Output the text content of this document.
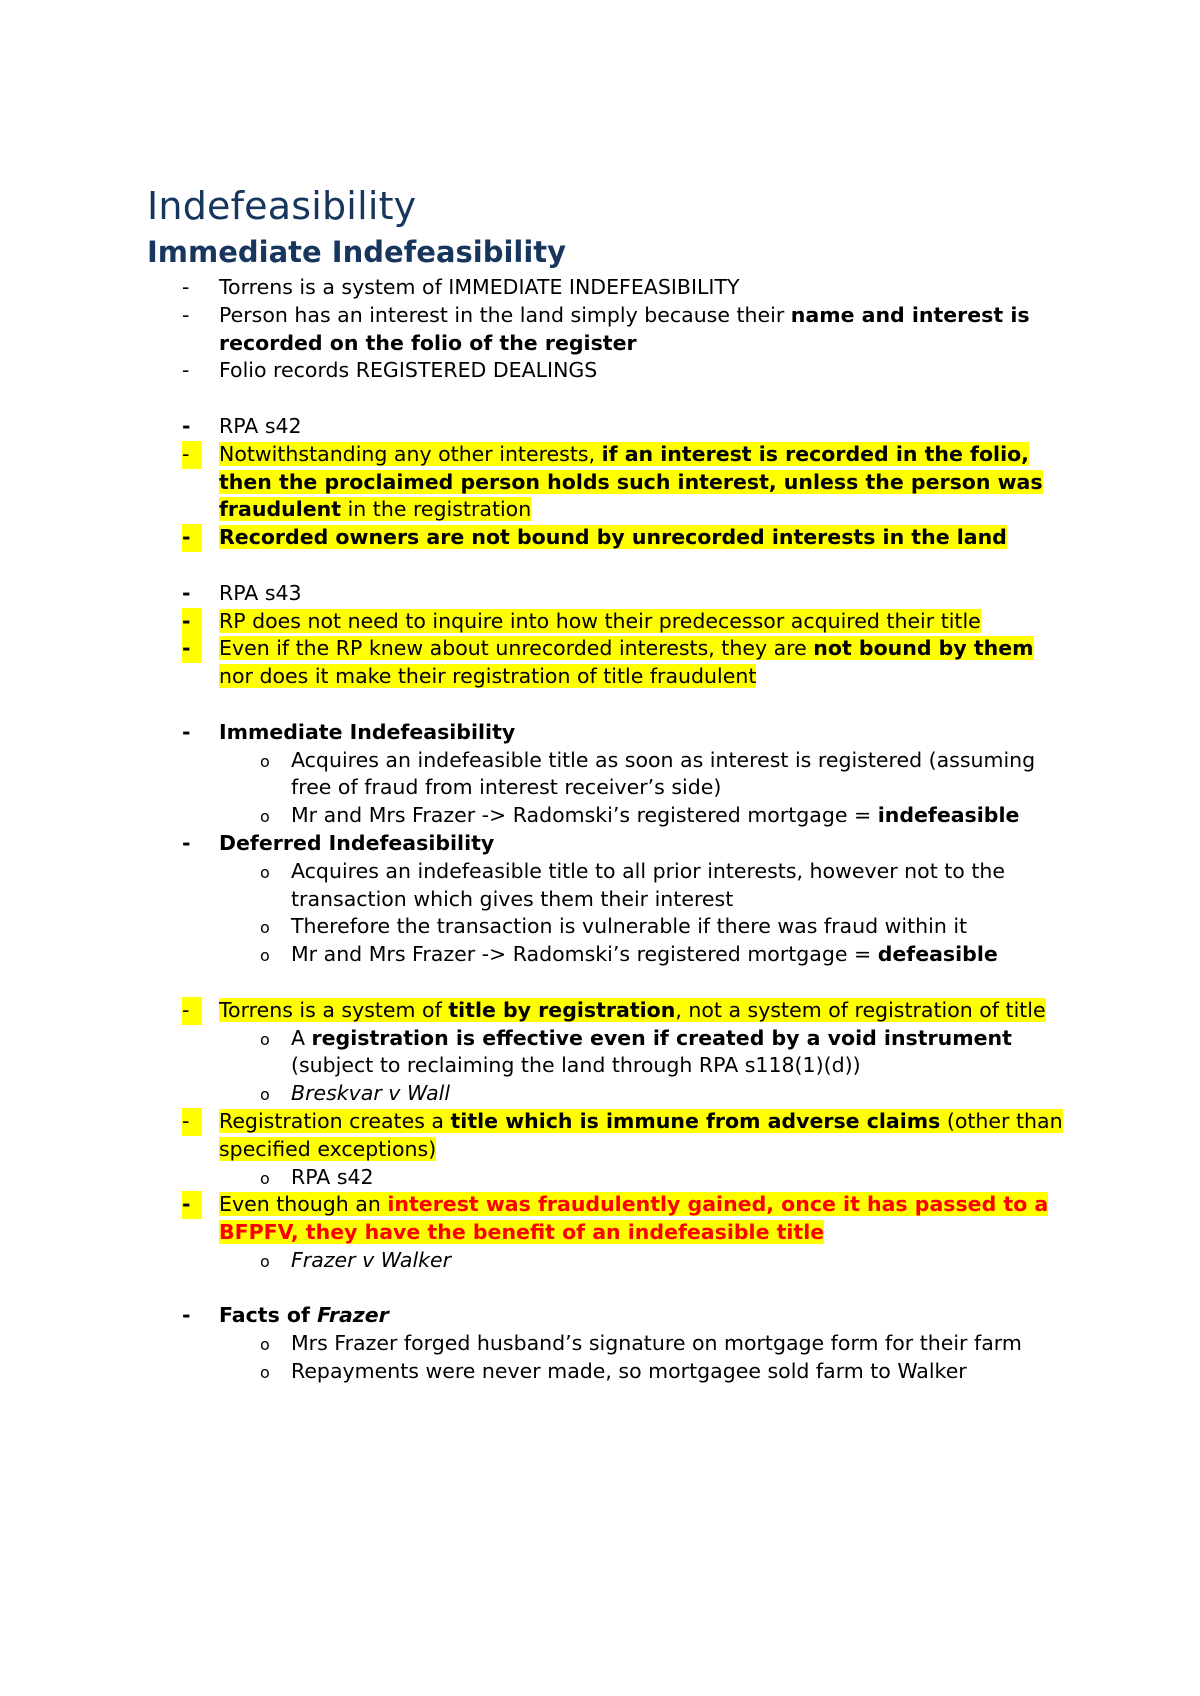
Indefeasibility
Immediate Indefeasibility
-	Torrens is a system of IMMEDIATE INDEFEASIBILITY
-	Person has an interest in the land simply because their name and interest is recorded on the folio of the register
-	Folio records REGISTERED DEALINGS
-	RPA s42
-	Notwithstanding any other interests, if an interest is recorded in the folio, then the proclaimed person holds such interest, unless the person was fraudulent in the registration
-	Recorded owners are not bound by unrecorded interests in the land
-	RPA s43
-	RP does not need to inquire into how their predecessor acquired their title
-	Even if the RP knew about unrecorded interests, they are not bound by them nor does it make their registration of title fraudulent
-	Immediate Indefeasibility
o Acquires an indefeasible title as soon as interest is registered (assuming free of fraud from interest receiver’s side)
o Mr and Mrs Frazer -> Radomski’s registered mortgage = indefeasible
-	Deferred Indefeasibility
o Acquires an indefeasible title to all prior interests, however not to the transaction which gives them their interest
o Therefore the transaction is vulnerable if there was fraud within it
o Mr and Mrs Frazer -> Radomski’s registered mortgage = defeasible
-	Torrens is a system of title by registration, not a system of registration of title
o A registration is effective even if created by a void instrument (subject to reclaiming the land through RPA s118(1)(d))
o Breskvar v Wall
-	Registration creates a title which is immune from adverse claims (other than specified exceptions)
o RPA s42
-	Even though an interest was fraudulently gained, once it has passed to a BFPFV, they have the benefit of an indefeasible title
o Frazer v Walker
-	Facts of Frazer
o Mrs Frazer forged husband’s signature on mortgage form for their farm
o Repayments were never made, so mortgagee sold farm to Walker
